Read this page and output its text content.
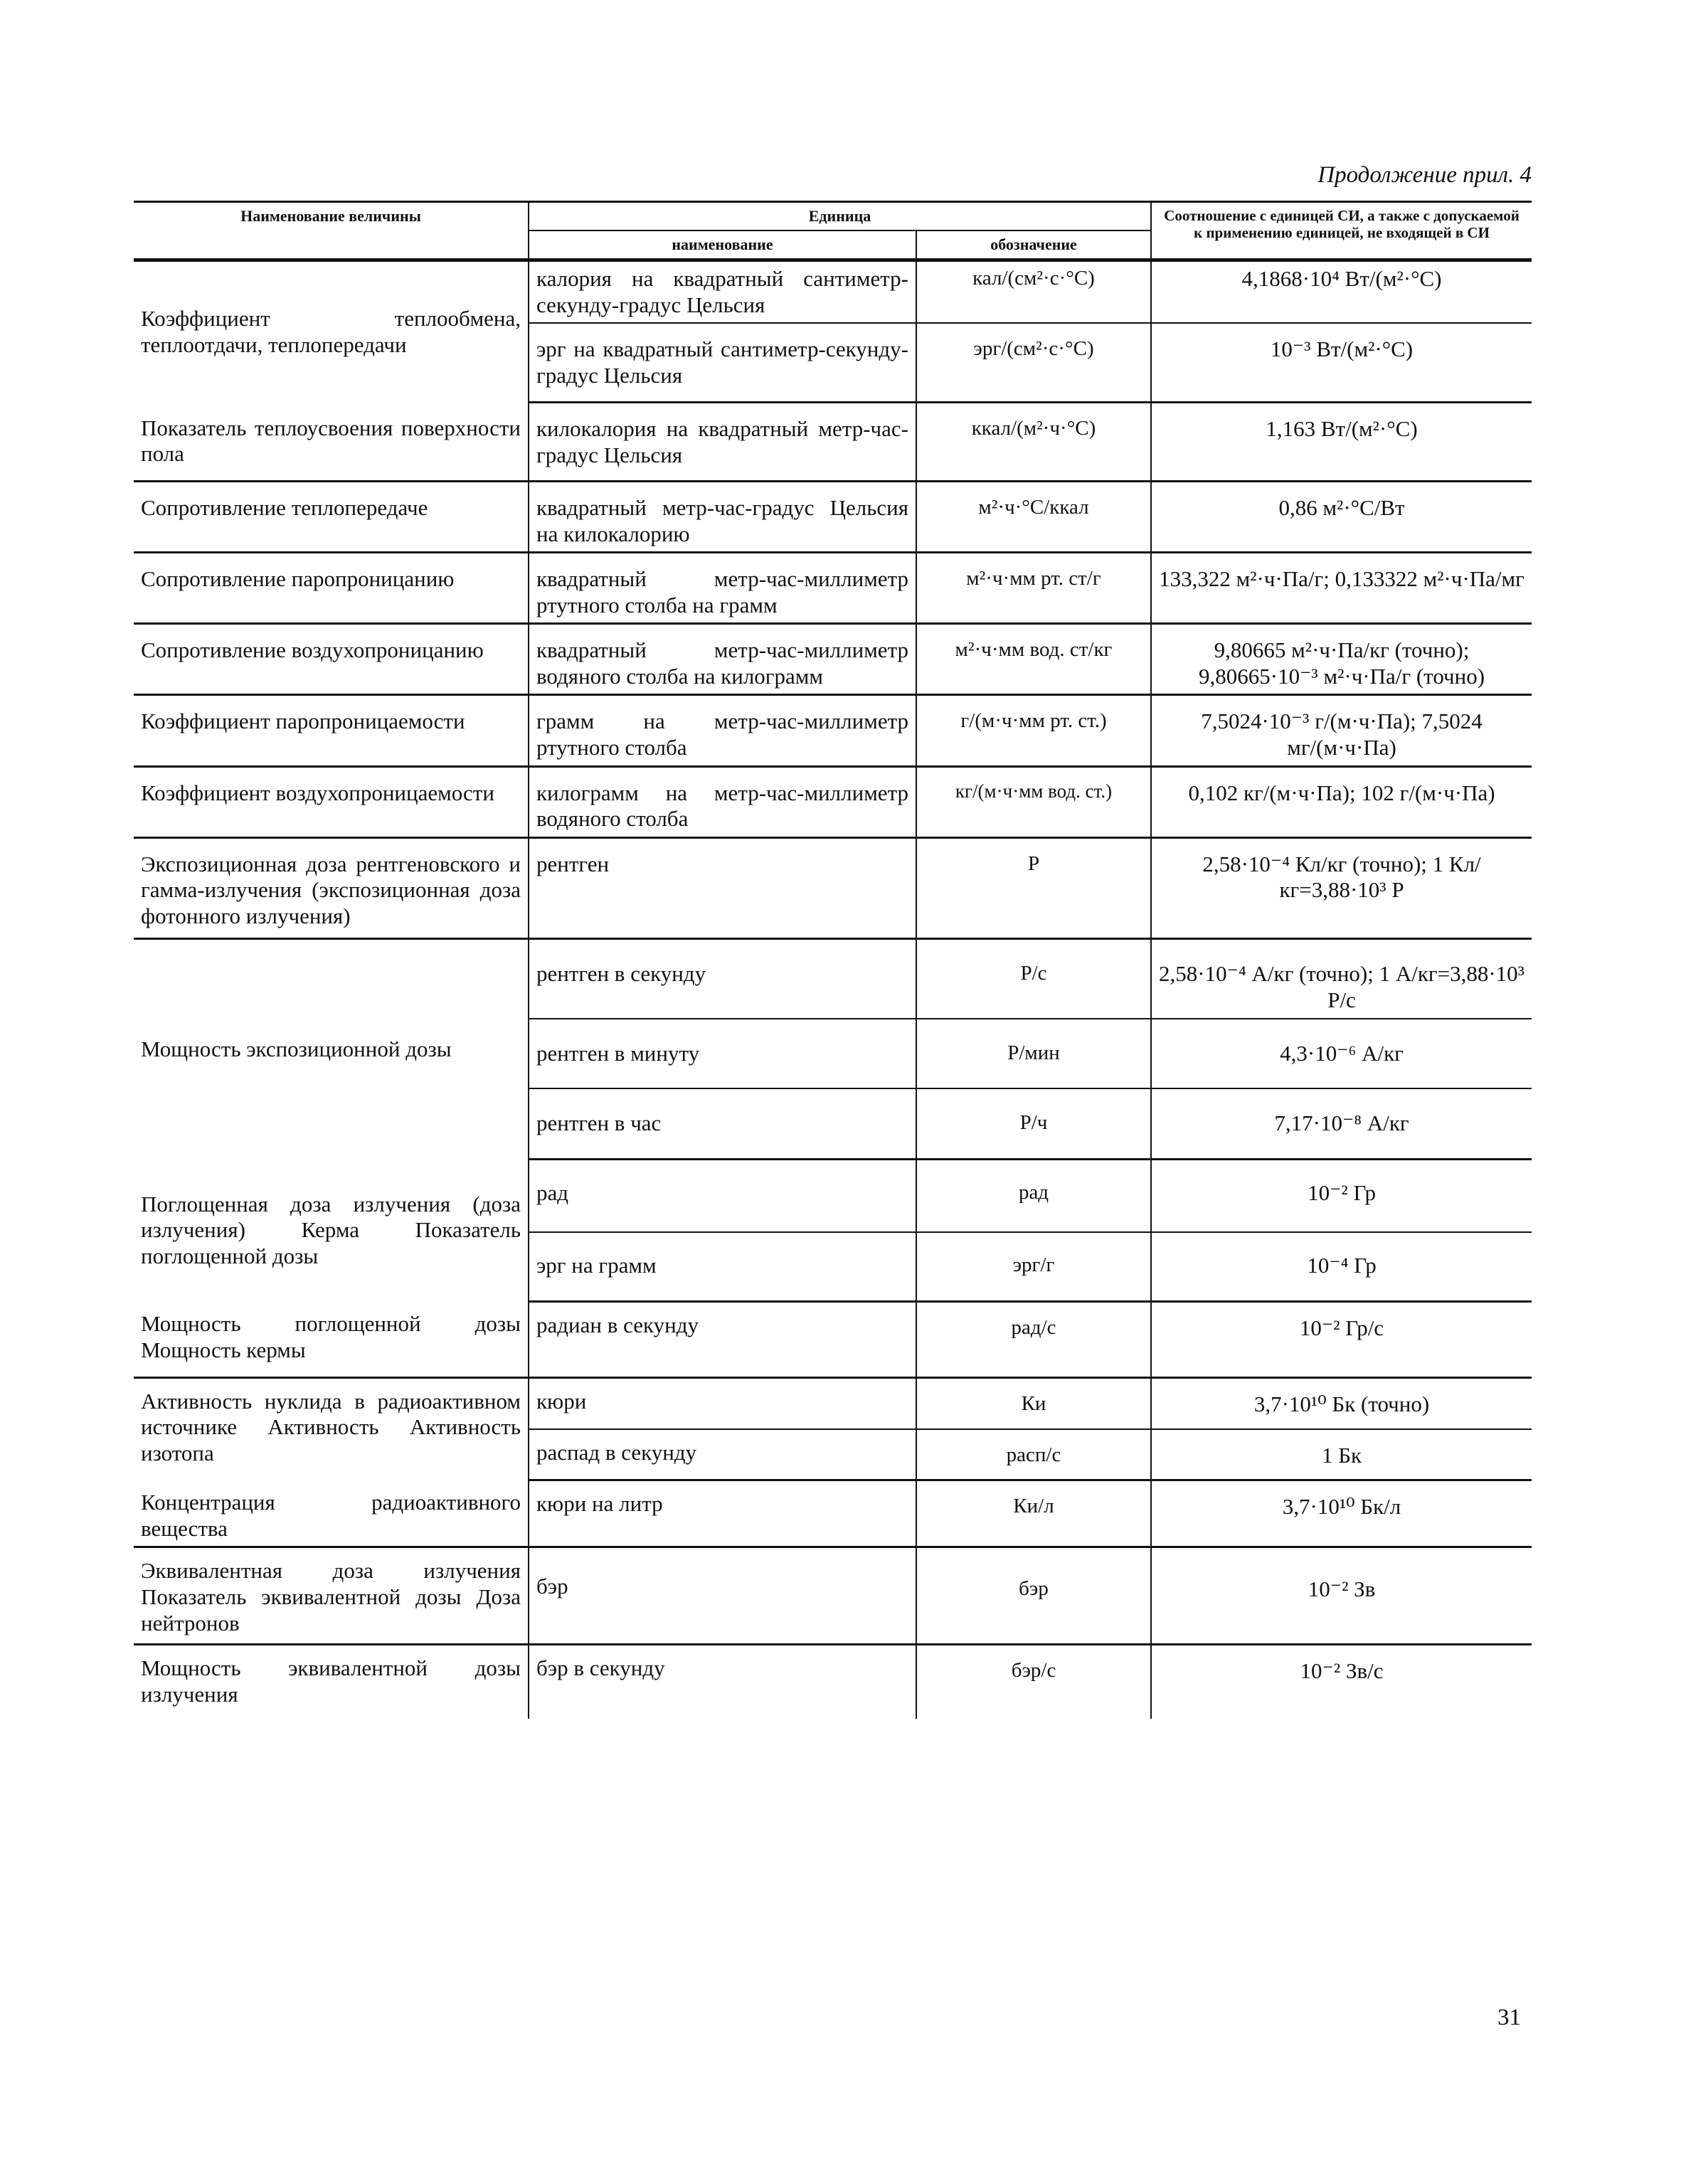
Продолжение прил. 4
Наименование величины	Единица		Соотношение с единицей СИ, а также с допускаемой к применению единицей, не входящей в СИ
	наименование	обозначение	
Коэффициент теплообмена, теплоотдачи, теплопередачи	калория на квадратный сантиметр-секунду-градус Цельсия	кал/(см²·с·°С)	4,1868·10⁴ Вт/(м²·°С)
	эрг на квадратный сантиметр-секунду-градус Цельсия	эрг/(см²·с·°С)	10⁻³ Вт/(м²·°С)
Показатель теплоусвоения поверхности пола	килокалория на квадратный метр-час-градус Цельсия	ккал/(м²·ч·°С)	1,163 Вт/(м²·°С)
Сопротивление теплопередаче	квадратный метр-час-градус Цельсия на килокалорию	м²·ч·°С/ккал	0,86 м²·°С/Вт
Сопротивление паропроницанию	квадратный метр-час-миллиметр ртутного столба на грамм	м²·ч·мм рт. ст/г	133,322 м²·ч·Па/г; 0,133322 м²·ч·Па/мг
Сопротивление воздухопроницанию	квадратный метр-час-миллиметр водяного столба на килограмм	м²·ч·мм вод. ст/кг	9,80665 м²·ч·Па/кг (точно); 9,80665·10⁻³ м²·ч·Па/г (точно)
Коэффициент паропроницаемости	грамм на метр-час-миллиметр ртутного столба	г/(м·ч·мм рт. ст.)	7,5024·10⁻³ г/(м·ч·Па); 7,5024 мг/(м·ч·Па)
Коэффициент воздухопроницаемости	килограмм на метр-час-миллиметр водяного столба	кг/(м·ч·мм вод. ст.)	0,102 кг/(м·ч·Па); 102 г/(м·ч·Па)
Экспозиционная доза рентгеновского и гамма-излучения (экспозиционная доза фотонного излучения)	рентген	Р	2,58·10⁻⁴ Кл/кг (точно); 1 Кл/кг=3,88·10³ Р
Мощность экспозиционной дозы	рентген в секунду	Р/с	2,58·10⁻⁴ А/кг (точно); 1 А/кг=3,88·10³ Р/с
	рентген в минуту	Р/мин	4,3·10⁻⁶ А/кг
	рентген в час	Р/ч	7,17·10⁻⁸ А/кг
Поглощенная доза излучения (доза излучения) Керма Показатель поглощенной дозы	рад	рад	10⁻² Гр
	эрг на грамм	эрг/г	10⁻⁴ Гр
Мощность поглощенной дозы Мощность кермы	радиан в секунду	рад/с	10⁻² Гр/с
Активность нуклида в радиоактивном источнике Активность Активность изотопа	кюри	Ки	3,7·10¹⁰ Бк (точно)
	распад в секунду	расп/с	1 Бк
Концентрация радиоактивного вещества	кюри на литр	Ки/л	3,7·10¹⁰ Бк/л
Эквивалентная доза излучения Показатель эквивалентной дозы Доза нейтронов	бэр	бэр	10⁻² Зв
Мощность эквивалентной дозы излучения	бэр в секунду	бэр/с	10⁻² Зв/с
31
